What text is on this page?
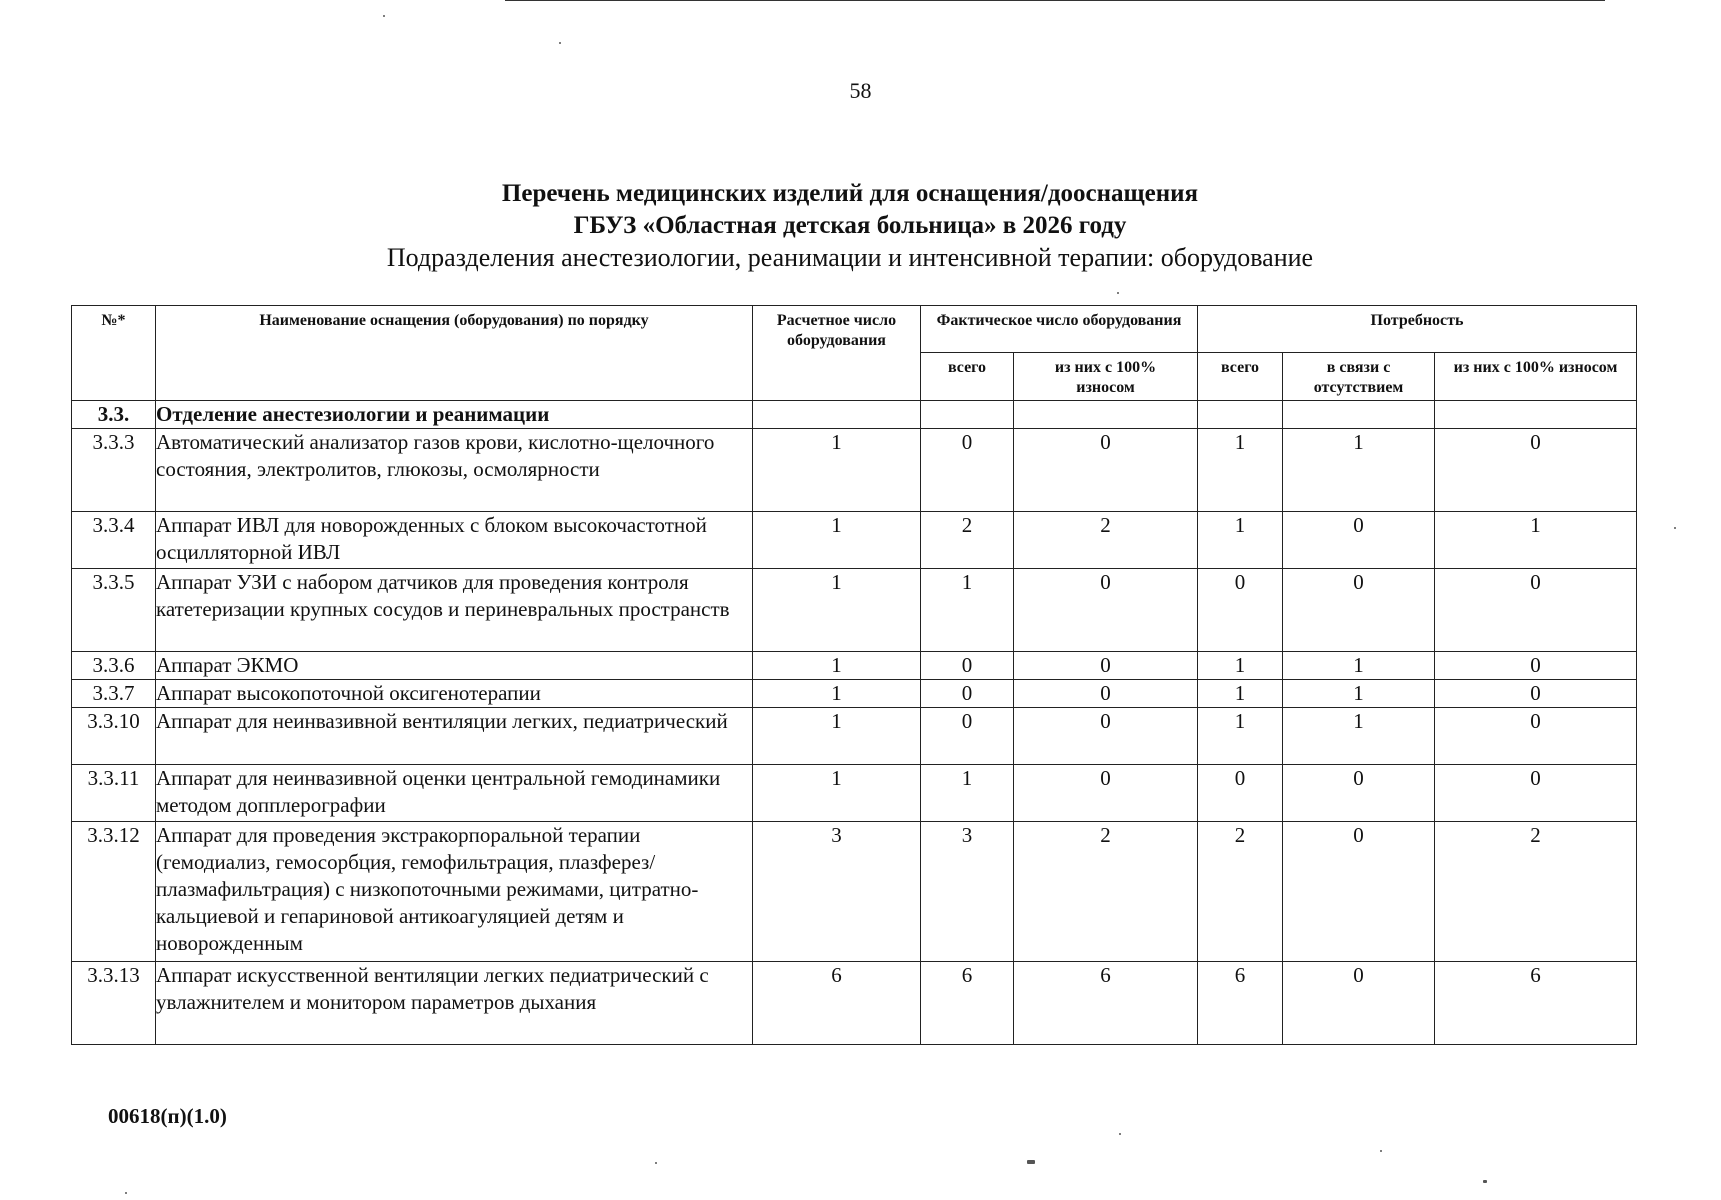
58
Перечень медицинских изделий для оснащения/дооснащения
ГБУЗ «Областная детская больница» в 2026 году
Подразделения анестезиологии, реанимации и интенсивной терапии: оборудование
№*	Наименование оснащения (оборудования) по порядку	Расчетное число оборудования	Фактическое число оборудования		Потребность		
			всего	из них с 100% износом	всего	в связи с отсутствием	из них с 100% износом
3.3.	Отделение анестезиологии и реанимации						
3.3.3	Автоматический анализатор газов крови, кислотно-щелочного состояния, электролитов, глюкозы, осмолярности	1	0	0	1	1	0
3.3.4	Аппарат ИВЛ для новорожденных с блоком высокочастотной осцилляторной ИВЛ	1	2	2	1	0	1
3.3.5	Аппарат УЗИ с набором датчиков для проведения контроля катетеризации крупных сосудов и периневральных пространств	1	1	0	0	0	0
3.3.6	Аппарат ЭКМО	1	0	0	1	1	0
3.3.7	Аппарат высокопоточной оксигенотерапии	1	0	0	1	1	0
3.3.10	Аппарат для неинвазивной вентиляции легких, педиатрический	1	0	0	1	1	0
3.3.11	Аппарат для неинвазивной оценки центральной гемодинамики методом допплерографии	1	1	0	0	0	0
3.3.12	Аппарат для проведения экстракорпоральной терапии (гемодиализ, гемосорбция, гемофильтрация, плазферез/плазмафильтрация) с низкопоточными режимами, цитратно-кальциевой и гепариновой антикоагуляцией детям и новорожденным	3	3	2	2	0	2
3.3.13	Аппарат искусственной вентиляции легких педиатрический с увлажнителем и монитором параметров дыхания	6	6	6	6	0	6
00618(п)(1.0)
